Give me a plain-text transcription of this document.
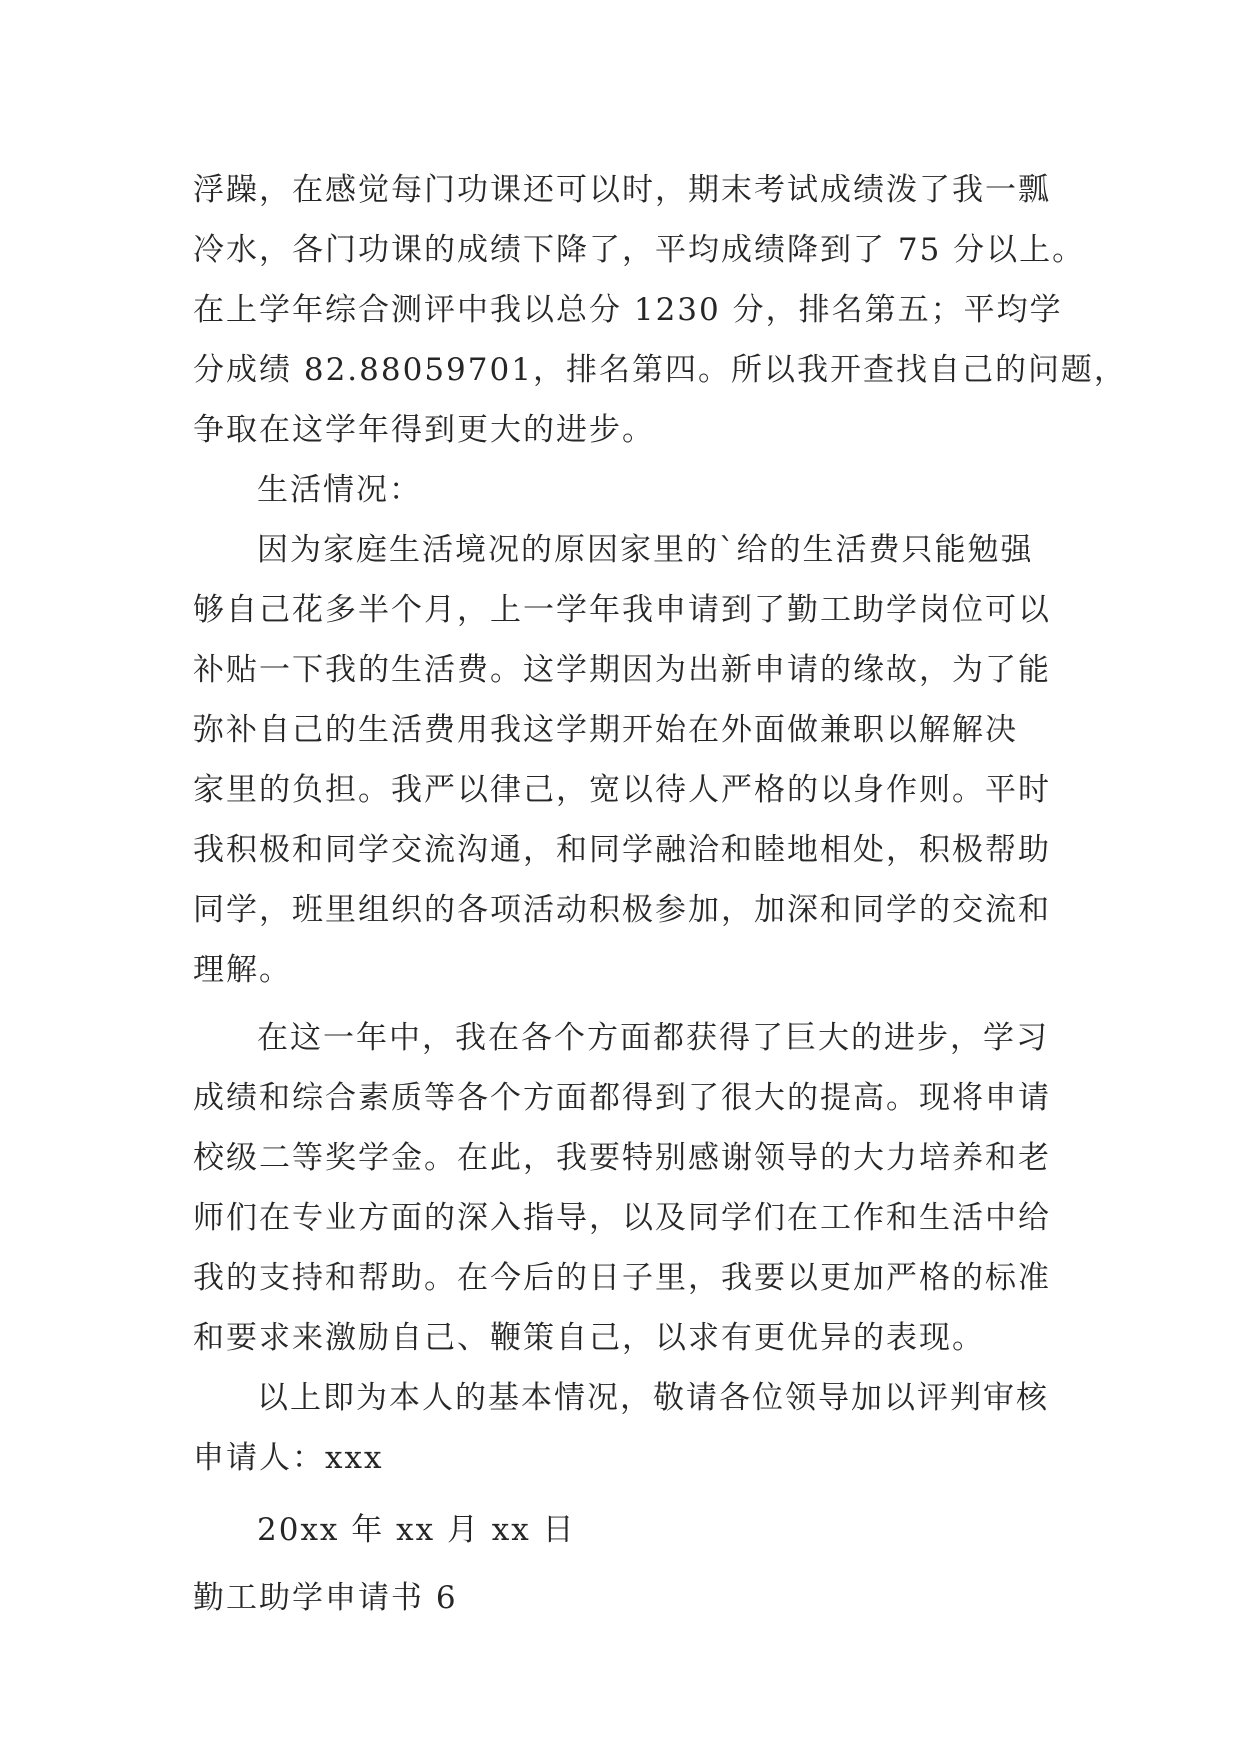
浮躁，在感觉每门功课还可以时，期末考试成绩泼了我一瓢
冷水，各门功课的成绩下降了，平均成绩降到了 75 分以上。
在上学年综合测评中我以总分 1230 分，排名第五；平均学
分成绩 82.88059701，排名第四。所以我开查找自己的问题，
争取在这学年得到更大的进步。
生活情况：
因为家庭生活境况的原因家里的`给的生活费只能勉强
够自己花多半个月，上一学年我申请到了勤工助学岗位可以
补贴一下我的生活费。这学期因为出新申请的缘故，为了能
弥补自己的生活费用我这学期开始在外面做兼职以解解决
家里的负担。我严以律己，宽以待人严格的以身作则。平时
我积极和同学交流沟通，和同学融洽和睦地相处，积极帮助
同学，班里组织的各项活动积极参加，加深和同学的交流和
理解。
在这一年中，我在各个方面都获得了巨大的进步，学习
成绩和综合素质等各个方面都得到了很大的提高。现将申请
校级二等奖学金。在此，我要特别感谢领导的大力培养和老
师们在专业方面的深入指导，以及同学们在工作和生活中给
我的支持和帮助。在今后的日子里，我要以更加严格的标准
和要求来激励自己、鞭策自己，以求有更优异的表现。
以上即为本人的基本情况，敬请各位领导加以评判审核
申请人：xxx
20xx 年 xx 月 xx 日
勤工助学申请书 6
